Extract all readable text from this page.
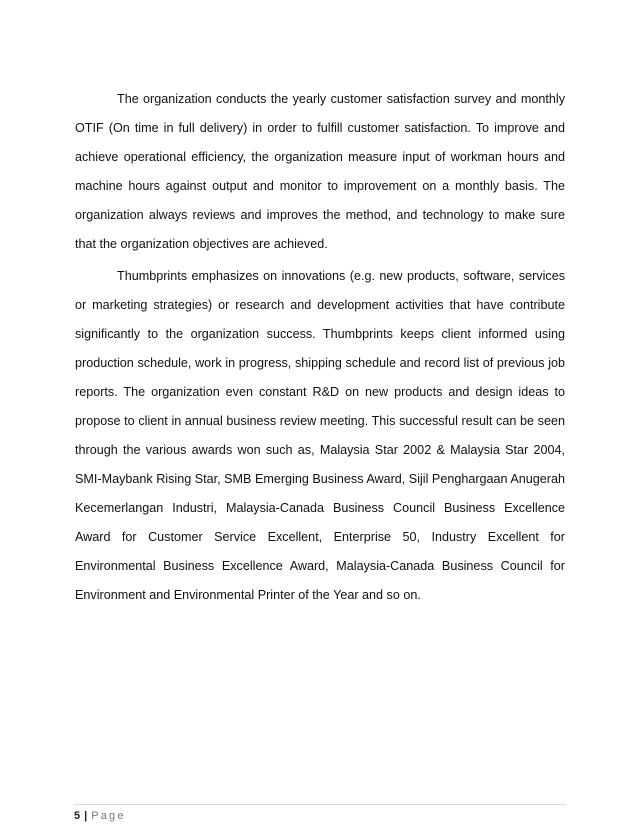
The organization conducts the yearly customer satisfaction survey and monthly OTIF (On time in full delivery) in order to fulfill customer satisfaction. To improve and achieve operational efficiency, the organization measure input of workman hours and machine hours against output and monitor to improvement on a monthly basis. The organization always reviews and improves the method, and technology to make sure that the organization objectives are achieved.

Thumbprints emphasizes on innovations (e.g. new products, software, services or marketing strategies) or research and development activities that have contribute significantly to the organization success. Thumbprints keeps client informed using production schedule, work in progress, shipping schedule and record list of previous job reports. The organization even constant R&D on new products and design ideas to propose to client in annual business review meeting. This successful result can be seen through the various awards won such as, Malaysia Star 2002 & Malaysia Star 2004, SMI-Maybank Rising Star, SMB Emerging Business Award, Sijil Penghargaan Anugerah Kecemerlangan Industri, Malaysia-Canada Business Council Business Excellence Award for Customer Service Excellent, Enterprise 50, Industry Excellent for Environmental Business Excellence Award, Malaysia-Canada Business Council for Environment and Environmental Printer of the Year and so on.

5 | Page
